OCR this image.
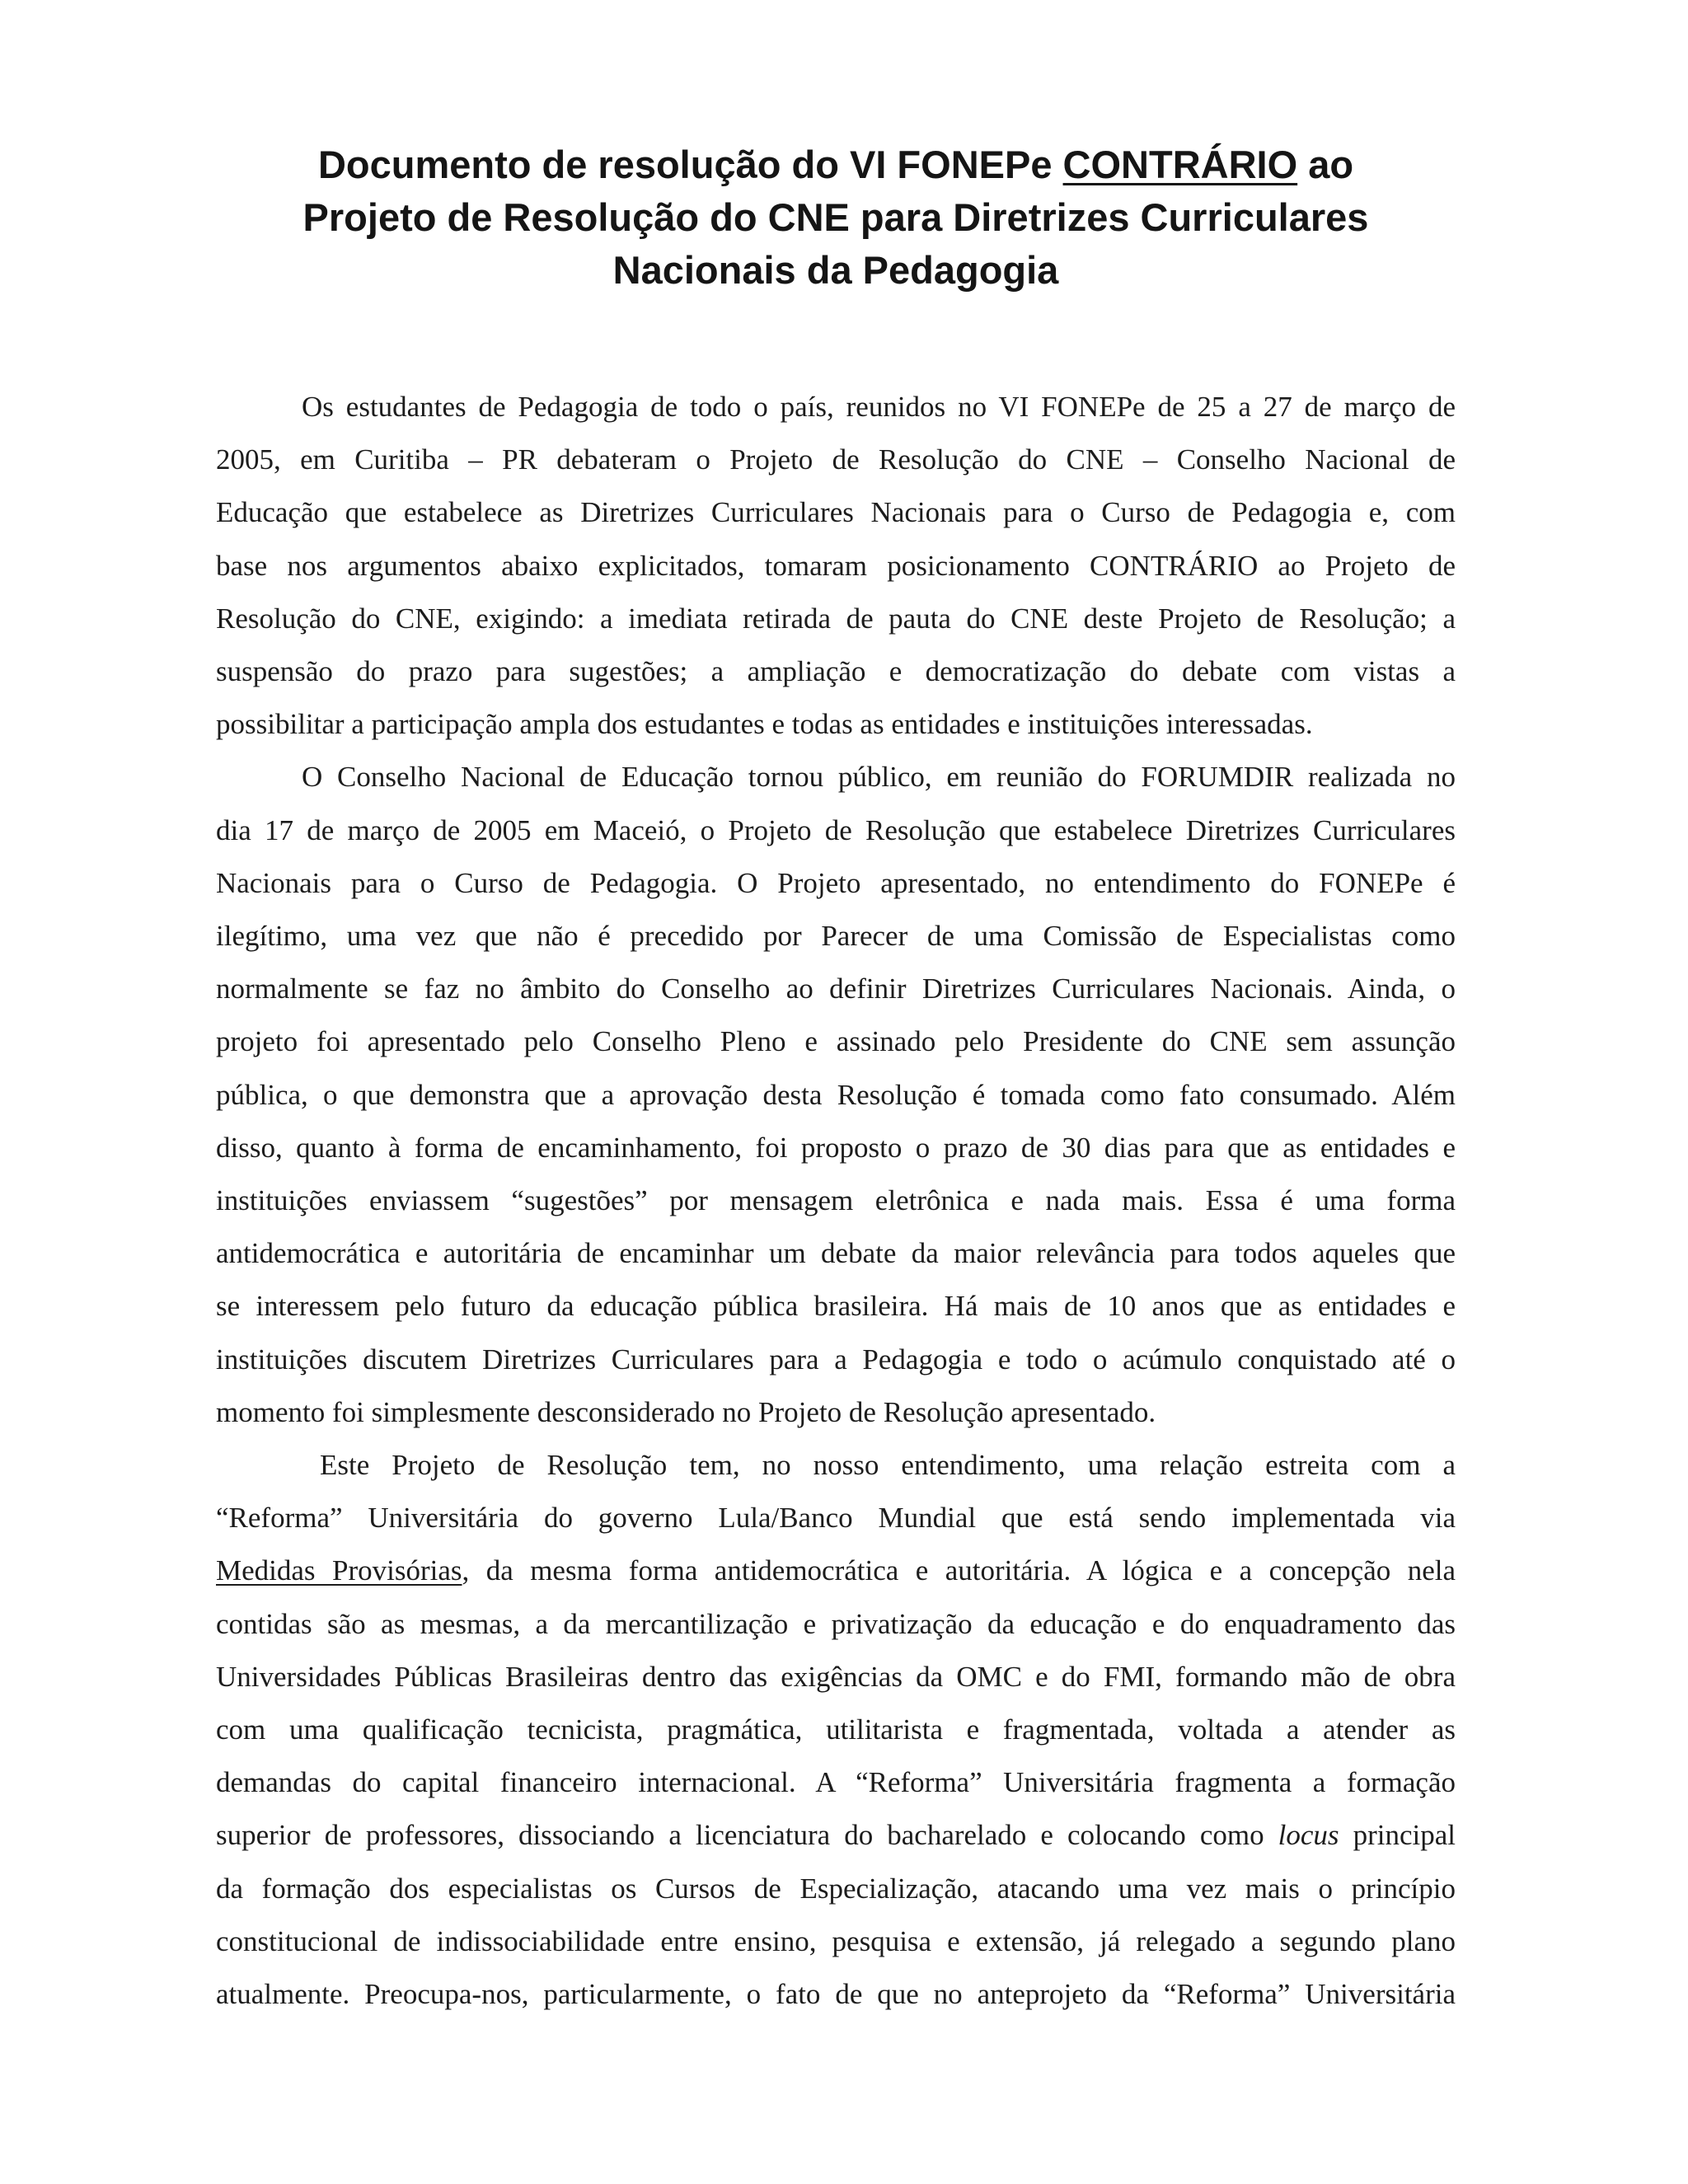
Documento de resolução do VI FONEPe CONTRÁRIO ao
Projeto de Resolução do CNE para Diretrizes Curriculares
Nacionais da Pedagogia

Os estudantes de Pedagogia de todo o país, reunidos no VI FONEPe de 25 a 27 de março de
2005, em Curitiba – PR debateram o Projeto de Resolução do CNE – Conselho Nacional de
Educação que estabelece as Diretrizes Curriculares Nacionais para o Curso de Pedagogia e, com
base nos argumentos abaixo explicitados, tomaram posicionamento CONTRÁRIO ao Projeto de
Resolução do CNE, exigindo: a imediata retirada de pauta do CNE deste Projeto de Resolução; a
suspensão do prazo para sugestões; a ampliação e democratização do debate com vistas a
possibilitar a participação ampla dos estudantes e todas as entidades e instituições interessadas.

O Conselho Nacional de Educação tornou público, em reunião do FORUMDIR realizada no
dia 17 de março de 2005 em Maceió, o Projeto de Resolução que estabelece Diretrizes Curriculares
Nacionais para o Curso de Pedagogia. O Projeto apresentado, no entendimento do FONEPe é
ilegítimo, uma vez que não é precedido por Parecer de uma Comissão de Especialistas como
normalmente se faz no âmbito do Conselho ao definir Diretrizes Curriculares Nacionais. Ainda, o
projeto foi apresentado pelo Conselho Pleno e assinado pelo Presidente do CNE sem assunção
pública, o que demonstra que a aprovação desta Resolução é tomada como fato consumado. Além
disso, quanto à forma de encaminhamento, foi proposto o prazo de 30 dias para que as entidades e
instituições enviassem “sugestões” por mensagem eletrônica e nada mais. Essa é uma forma
antidemocrática e autoritária de encaminhar um debate da maior relevância para todos aqueles que
se interessem pelo futuro da educação pública brasileira. Há mais de 10 anos que as entidades e
instituições discutem Diretrizes Curriculares para a Pedagogia e todo o acúmulo conquistado até o
momento foi simplesmente desconsiderado no Projeto de Resolução apresentado.

Este Projeto de Resolução tem, no nosso entendimento, uma relação estreita com a
“Reforma” Universitária do governo Lula/Banco Mundial que está sendo implementada via
Medidas Provisórias, da mesma forma antidemocrática e autoritária. A lógica e a concepção nela
contidas são as mesmas, a da mercantilização e privatização da educação e do enquadramento das
Universidades Públicas Brasileiras dentro das exigências da OMC e do FMI, formando mão de obra
com uma qualificação tecnicista, pragmática, utilitarista e fragmentada, voltada a atender as
demandas do capital financeiro internacional. A “Reforma” Universitária fragmenta a formação
superior de professores, dissociando a licenciatura do bacharelado e colocando como locus principal
da formação dos especialistas os Cursos de Especialização, atacando uma vez mais o princípio
constitucional de indissociabilidade entre ensino, pesquisa e extensão, já relegado a segundo plano
atualmente. Preocupa-nos, particularmente, o fato de que no anteprojeto da “Reforma” Universitária
